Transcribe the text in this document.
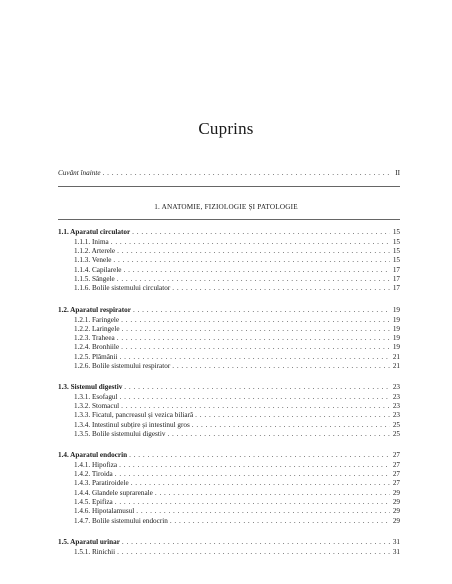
Cuprins
Cuvânt înainte . . .	II
1. ANATOMIE, FIZIOLOGIE ȘI PATOLOGIE
1.1. Aparatul circulator . . .	15
1.1.1. Inima . . .	15
1.1.2. Arterele . . .	15
1.1.3. Venele . . .	15
1.1.4. Capilarele . . .	17
1.1.5. Sângele . . .	17
1.1.6. Bolile sistemului circulator . . .	17
1.2. Aparatul respirator . . .	19
1.2.1. Faringele . . .	19
1.2.2. Laringele . . .	19
1.2.3. Traheea . . .	19
1.2.4. Bronhiile . . .	19
1.2.5. Plămânii . . .	21
1.2.6. Bolile sistemului respirator . . .	21
1.3. Sistemul digestiv . . .	23
1.3.1. Esofagul . . .	23
1.3.2. Stomacul . . .	23
1.3.3. Ficatul, pancreasul și vezica biliară . . .	23
1.3.4. Intestinul subțire și intestinul gros . . .	25
1.3.5. Bolile sistemului digestiv . . .	25
1.4. Aparatul endocrin . . .	27
1.4.1. Hipofiza . . .	27
1.4.2. Tiroida . . .	27
1.4.3. Paratiroidele . . .	27
1.4.4. Glandele suprarenale . . .	29
1.4.5. Epifiza . . .	29
1.4.6. Hipotalamusul . . .	29
1.4.7. Bolile sistemului endocrin . . .	29
1.5. Aparatul urinar . . .	31
1.5.1. Rinichii . . .	31
